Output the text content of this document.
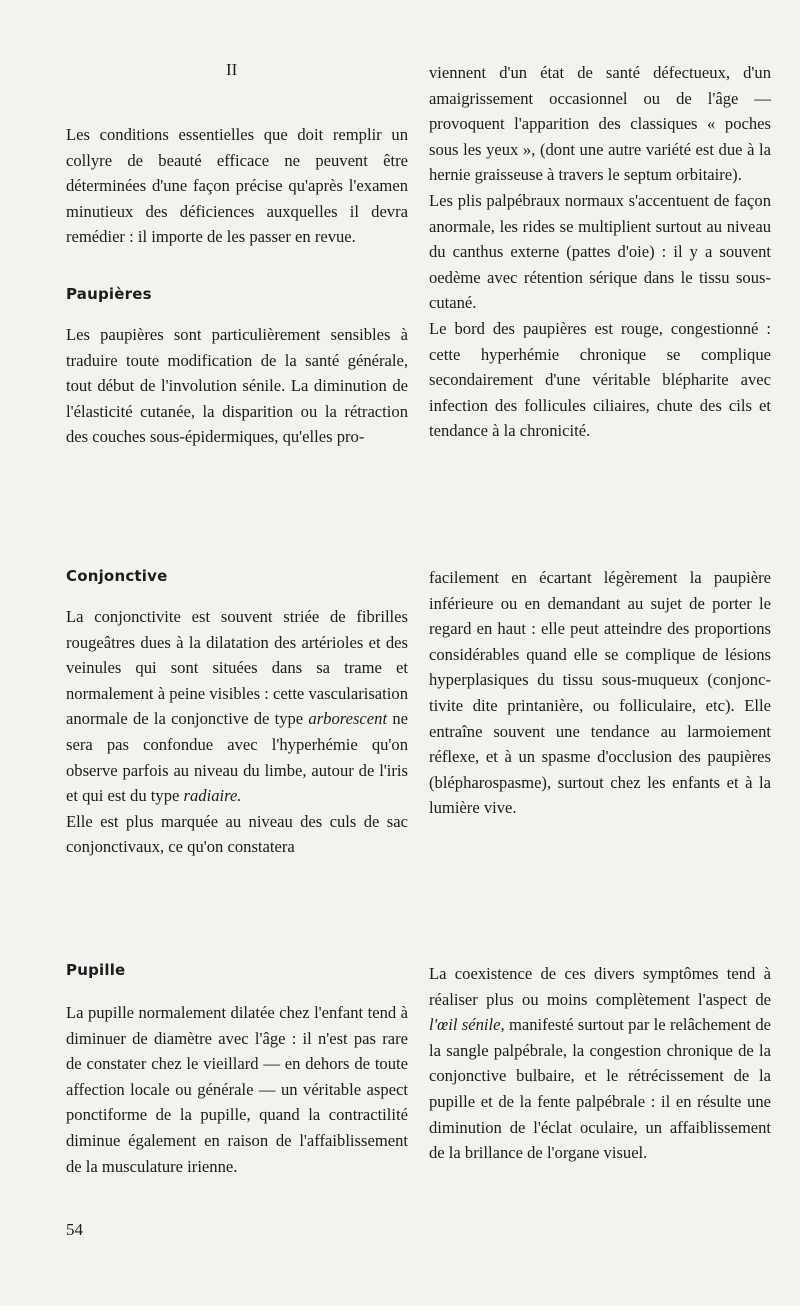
II

Les conditions essentielles que doit remplir un collyre de beauté efficace ne peuvent être déterminées d'une façon précise qu'après l'examen minutieux des déficiences auxquelles il devra remédier : il importe de les passer en revue.

Paupières

Les paupières sont particulièrement sensibles à traduire toute modification de la santé générale, tout début de l'involution sénile. La diminution de l'élasticité cutanée, la disparition ou la rétraction des couches sous-épidermiques, qu'elles pro-

Conjonctive

La conjonctivite est souvent striée de fibrilles rougeâtres dues à la dilatation des artérioles et des veinules qui sont situées dans sa trame et normalement à peine visibles : cette vascularisation anormale de la conjonctive de type arborescent ne sera pas confondue avec l'hyperhémie qu'on observe parfois au niveau du limbe, autour de l'iris et qui est du type radiaire.

Elle est plus marquée au niveau des culs de sac conjonctivaux, ce qu'on constatera

Pupille

La pupille normalement dilatée chez l'enfant tend à diminuer de diamètre avec l'âge : il n'est pas rare de constater chez le vieillard — en dehors de toute affection locale ou générale — un véritable aspect ponctiforme de la pupille, quand la contractilité diminue également en raison de l'affaiblissement de la musculature irienne.

viennent d'un état de santé défectueux, d'un amaigrissement occasionnel ou de l'âge — provoquent l'apparition des classiques « poches sous les yeux », (dont une autre variété est due à la hernie graisseuse à travers le septum orbitaire).

Les plis palpébraux normaux s'accentuent de façon anormale, les rides se multiplient surtout au niveau du canthus externe (pattes d'oie) : il y a souvent oedème avec rétention sérique dans le tissu sous-cutané.

Le bord des paupières est rouge, congestionné : cette hyperhémie chronique se complique secondairement d'une véritable blépharite avec infection des follicules ciliaires, chute des cils et tendance à la chronicité.

facilement en écartant légèrement la paupière inférieure ou en demandant au sujet de porter le regard en haut : elle peut atteindre des proportions considérables quand elle se complique de lésions hyperplasiques du tissu sous-muqueux (conjonctivite dite printanière, ou folliculaire, etc). Elle entraîne souvent une tendance au larmoiement réflexe, et à un spasme d'occlusion des paupières (blépharospasme), surtout chez les enfants et à la lumière vive.

La coexistence de ces divers symptômes tend à réaliser plus ou moins complètement l'aspect de l'œil sénile, manifesté surtout par le relâchement de la sangle palpébrale, la congestion chronique de la conjonctive bulbaire, et le rétrécissement de la pupille et de la fente palpébrale : il en résulte une diminution de l'éclat oculaire, un affaiblissement de la brillance de l'organe visuel.

54
